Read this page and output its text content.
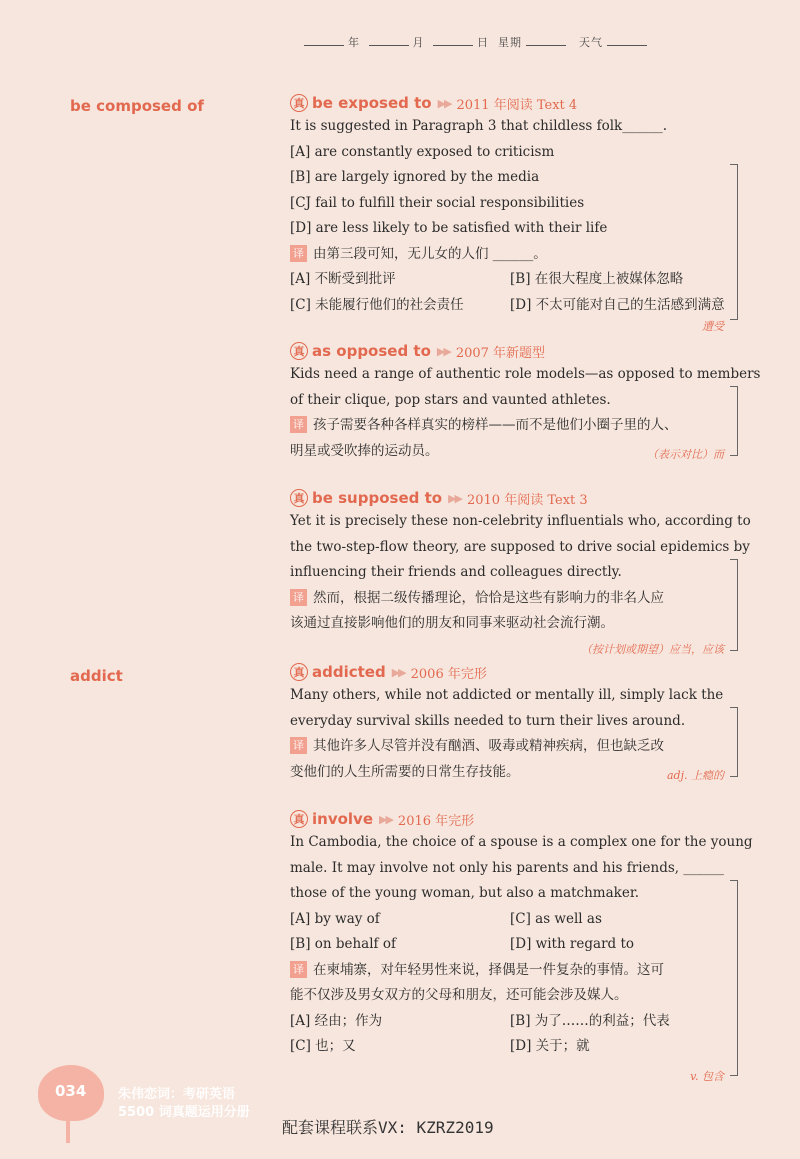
年	月	日 星期	天气
be composed of
addict
真 be exposed to ▶▶ 2011 年阅读 Text 4
It is suggested in Paragraph 3 that childless folk______.
[A] are constantly exposed to criticism
[B] are largely ignored by the media
[CJ fail to fulfill their social responsibilities
[D] are less likely to be satisfied with their life
译 由第三段可知，无儿女的人们 ______。
[A] 不断受到批评	[B] 在很大程度上被媒体忽略
[C] 未能履行他们的社会责任	[D] 不太可能对自己的生活感到满意
遭受
真 as opposed to ▶▶ 2007 年新题型
Kids need a range of authentic role models—as opposed to members
of their clique, pop stars and vaunted athletes.
译 孩子需要各种各样真实的榜样——而不是他们小圈子里的人、
明星或受吹捧的运动员。	（表示对比）而
真 be supposed to ▶▶ 2010 年阅读 Text 3
Yet it is precisely these non-celebrity influentials who, according to
the two-step-flow theory, are supposed to drive social epidemics by
influencing their friends and colleagues directly.
译 然而，根据二级传播理论，恰恰是这些有影响力的非名人应
该通过直接影响他们的朋友和同事来驱动社会流行潮。
（按计划或期望）应当，应该
真 addicted ▶▶ 2006 年完形
Many others, while not addicted or mentally ill, simply lack the
everyday survival skills needed to turn their lives around.
译 其他许多人尽管并没有酗酒、吸毒或精神疾病，但也缺乏改
变他们的人生所需要的日常生存技能。	adj. 上瘾的
真 involve ▶▶ 2016 年完形
In Cambodia, the choice of a spouse is a complex one for the young
male. It may involve not only his parents and his friends, ______
those of the young woman, but also a matchmaker.
[A] by way of	[C] as well as
[B] on behalf of	[D] with regard to
译 在柬埔寨，对年轻男性来说，择偶是一件复杂的事情。这可
能不仅涉及男女双方的父母和朋友，还可能会涉及媒人。
[A] 经由；作为	[B] 为了……的利益；代表
[C] 也；又	[D] 关于；就
v. 包含
034 朱伟恋词：考研英语
5500 词真题运用分册
配套课程联系VX: KZRZ2019
